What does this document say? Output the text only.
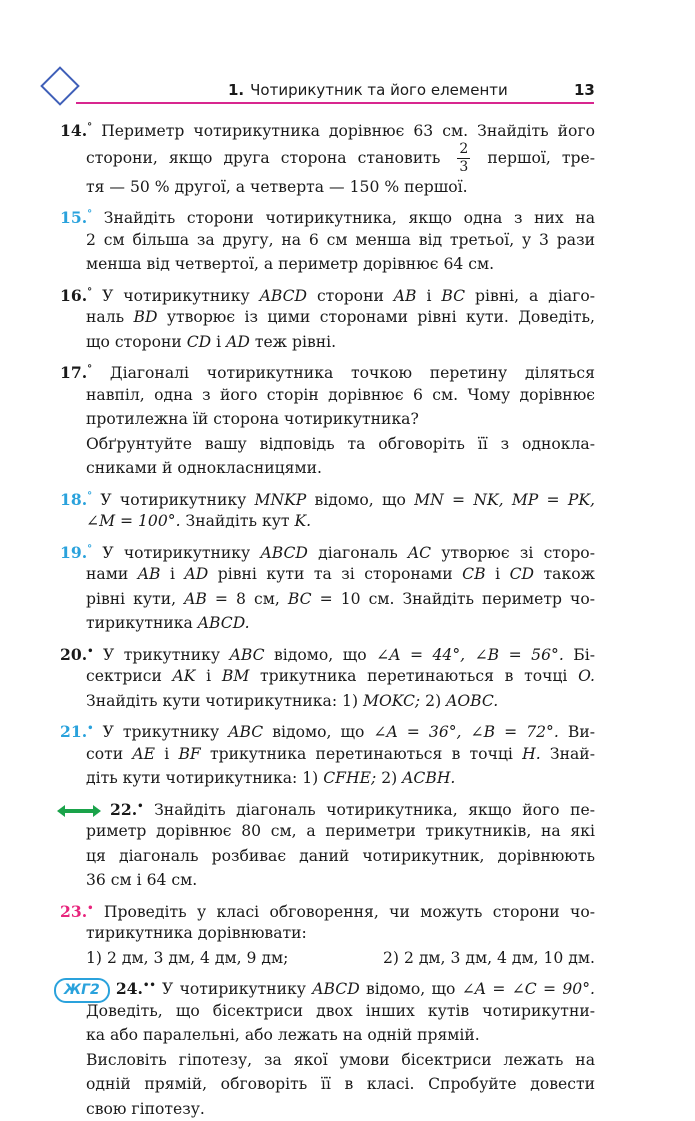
1. Чотирикутник та його елементи	13
14.° Периметр чотирикутника дорівнює 63 см. Знайдіть його
сторони, якщо друга сторона становить $\frac{2}{3}$ першої, тре-
тя — 50 % другої, а четверта — 150 % першої.
15.° Знайдіть сторони чотирикутника, якщо одна з них на
2 см більша за другу, на 6 см менша від третьої, у 3 рази
менша від четвертої, а периметр дорівнює 64 см.
16.° У чотирикутнику ABCD сторони AB і BC рівні, а діаго-
наль BD утворює із цими сторонами рівні кути. Доведіть,
що сторони CD і AD теж рівні.
17.° Діагоналі чотирикутника точкою перетину діляться
навпіл, одна з його сторін дорівнює 6 см. Чому дорівнює
протилежна їй сторона чотирикутника?
Обґрунтуйте вашу відповідь та обговоріть її з однокла-
сниками й однокласницями.
18.° У чотирикутнику MNKP відомо, що MN = NK, MP = PK,
∠M = 100°. Знайдіть кут K.
19.° У чотирикутнику ABCD діагональ AC утворює зі сторо-
нами AB і AD рівні кути та зі сторонами CB і CD також
рівні кути, AB = 8 см, BC = 10 см. Знайдіть периметр чо-
тирикутника ABCD.
20.• У трикутнику ABC відомо, що ∠A = 44°, ∠B = 56°. Бі-
сектриси AK і BM трикутника перетинаються в точці O.
Знайдіть кути чотирикутника: 1) MOKC; 2) AOBC.
21.• У трикутнику ABC відомо, що ∠A = 36°, ∠B = 72°. Ви-
соти AE і BF трикутника перетинаються в точці H. Знай-
діть кути чотирикутника: 1) CFHE; 2) ACBH.
22.• Знайдіть діагональ чотирикутника, якщо його пе-
риметр дорівнює 80 см, а периметри трикутників, на які
ця діагональ розбиває даний чотирикутник, дорівнюють
36 см і 64 см.
23.• Проведіть у класі обговорення, чи можуть сторони чо-
тирикутника дорівнювати:
1) 2 дм, 3 дм, 4 дм, 9 дм;	2) 2 дм, 3 дм, 4 дм, 10 дм.
ЖГ2 24.•• У чотирикутнику ABCD відомо, що ∠A = ∠C = 90°.
Доведіть, що бісектриси двох інших кутів чотирикутни-
ка або паралельні, або лежать на одній прямій.
Висловіть гіпотезу, за якої умови бісектриси лежать на
одній прямій, обговоріть її в класі. Спробуйте довести
свою гіпотезу.
